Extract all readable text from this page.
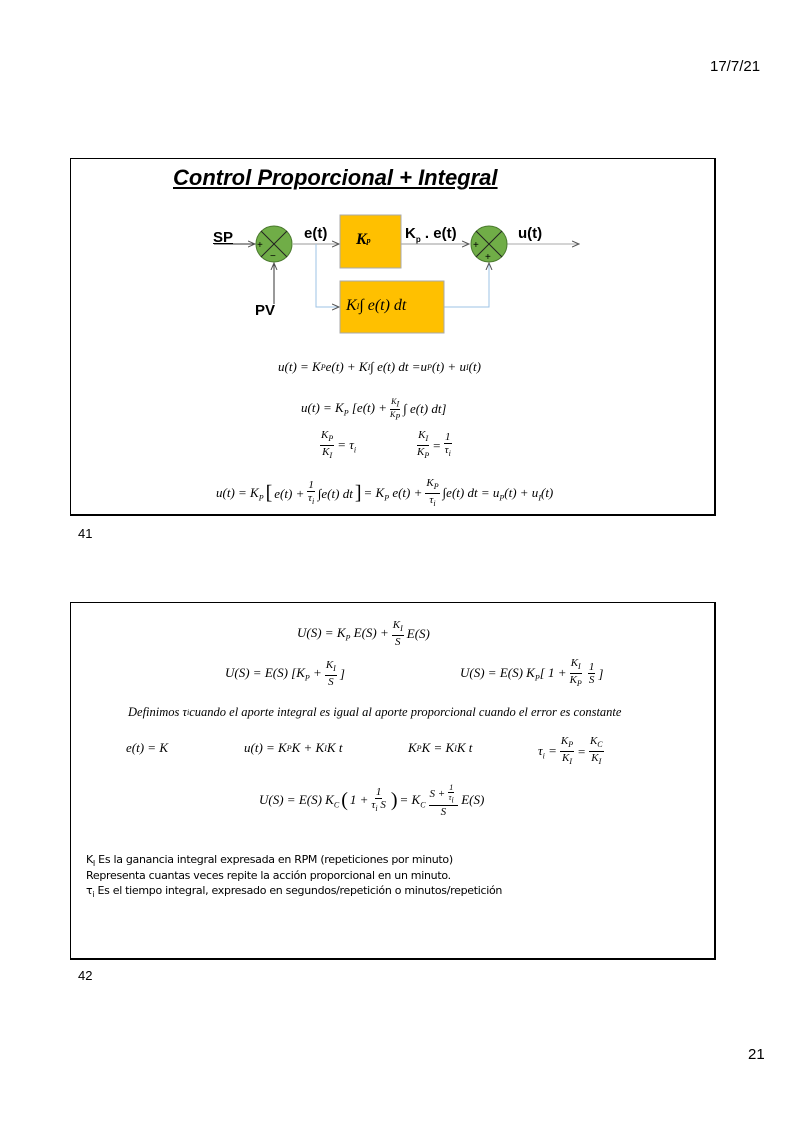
17/7/21
Control Proporcional + Integral
+
−
+
+
SP
PV
e(t) K p
K I ∫ e(t) dt
$K_p$ . e(t)	u(t)
u(t) = K P e(t) + K I ∫ e(t) dt =u P (t) + u I (t)
$u(t) = K_P$ [$e(t) + \frac{K_I}{K_P}$ ∫ e(t) dt]
$\frac{K_P}{K_I} = \tau_i$	$\frac{K_I}{K_P} = \frac{1}{\tau_i}$
$u(t) = K_P$ [ $e(t) + \frac{1}{\tau_i} \int e(t)$ dt ] = $K_P$ $e(t) + \frac{K_P}{\tau_i} \int e(t)$ dt = $u_P(t) + u_I(t)$
41
$U(S) = K_P$ $E(S) + \frac{K_I}{S} E(S)$
U(S) = E(S) [$K_P + \frac{K_I}{S}$ ]	U(S) = E(S) $K_P$[ $1 + \frac{K_I}{K_P} 1$
S ]
Definimos τ i cuando el aporte integral es igual al aporte proporcional cuando el error es constante
e(t) = K	u(t) = K P K + K I K t	K P K = K I K t	$\tau_i = \frac{K_P}{K_I} = \frac{K_C}{K_I}$
U(S) = E(S) $K_C$ ( $1 + \frac{1}{\tau_i S}$ ) = $K_C$
$S + \frac{1}{\tau_i}$
S
E(S)
$K_I$ Es la ganancia integral expresada en RPM (repeticiones por minuto)
Representa cuantas veces repite la acción proporcional en un minuto.
$\tau_i$ Es el tiempo integral, expresado en segundos/repetición o minutos/repetición
42
21
